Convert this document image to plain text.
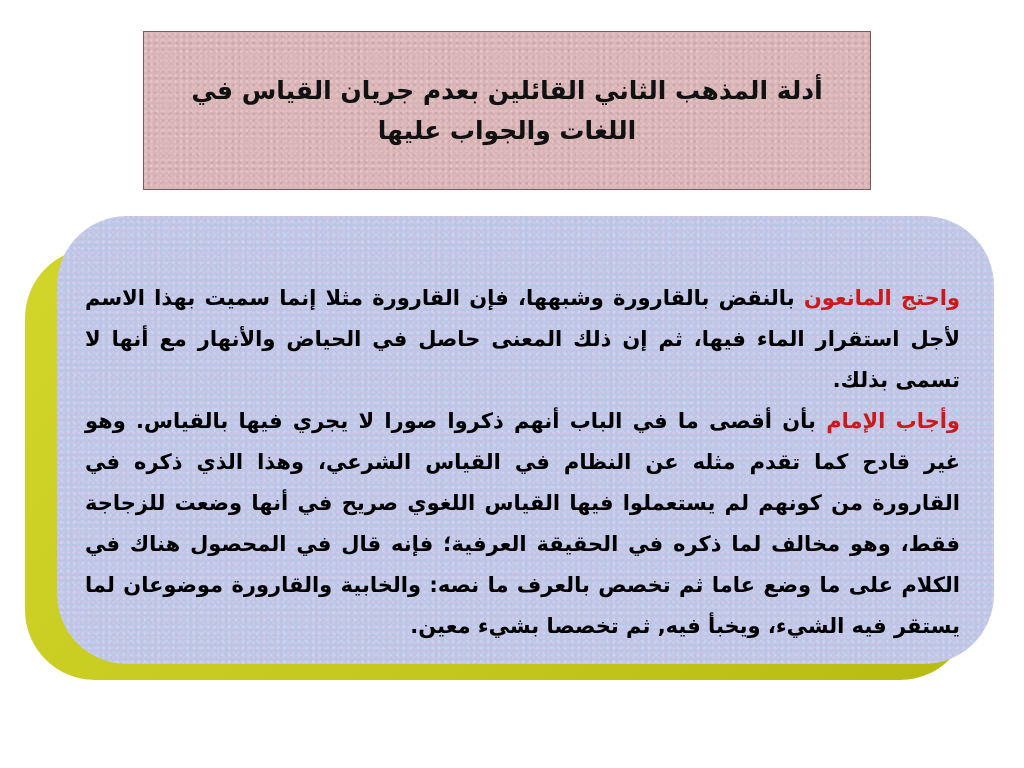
أدلة المذهب الثاني القائلين بعدم جريان القياس في اللغات والجواب عليها

واحتج المانعون بالنقض بالقارورة وشبهها، فإن القارورة مثلا إنما سميت بهذا الاسم لأجل استقرار الماء فيها، ثم إن ذلك المعنى حاصل في الحياض والأنهار مع أنها لا تسمى بذلك.

وأجاب الإمام بأن أقصى ما في الباب أنهم ذكروا صورا لا يجري فيها بالقياس. وهو غير قادح كما تقدم مثله عن النظام في القياس الشرعي، وهذا الذي ذكره في القارورة من كونهم لم يستعملوا فيها القياس اللغوي صريح في أنها وضعت للزجاجة فقط، وهو مخالف لما ذكره في الحقيقة العرفية؛ فإنه قال في المحصول هناك في الكلام على ما وضع عاما ثم تخصص بالعرف ما نصه: والخابية والقارورة موضوعان لما يستقر فيه الشيء، ويخبأ فيه, ثم تخصصا بشيء معين.
